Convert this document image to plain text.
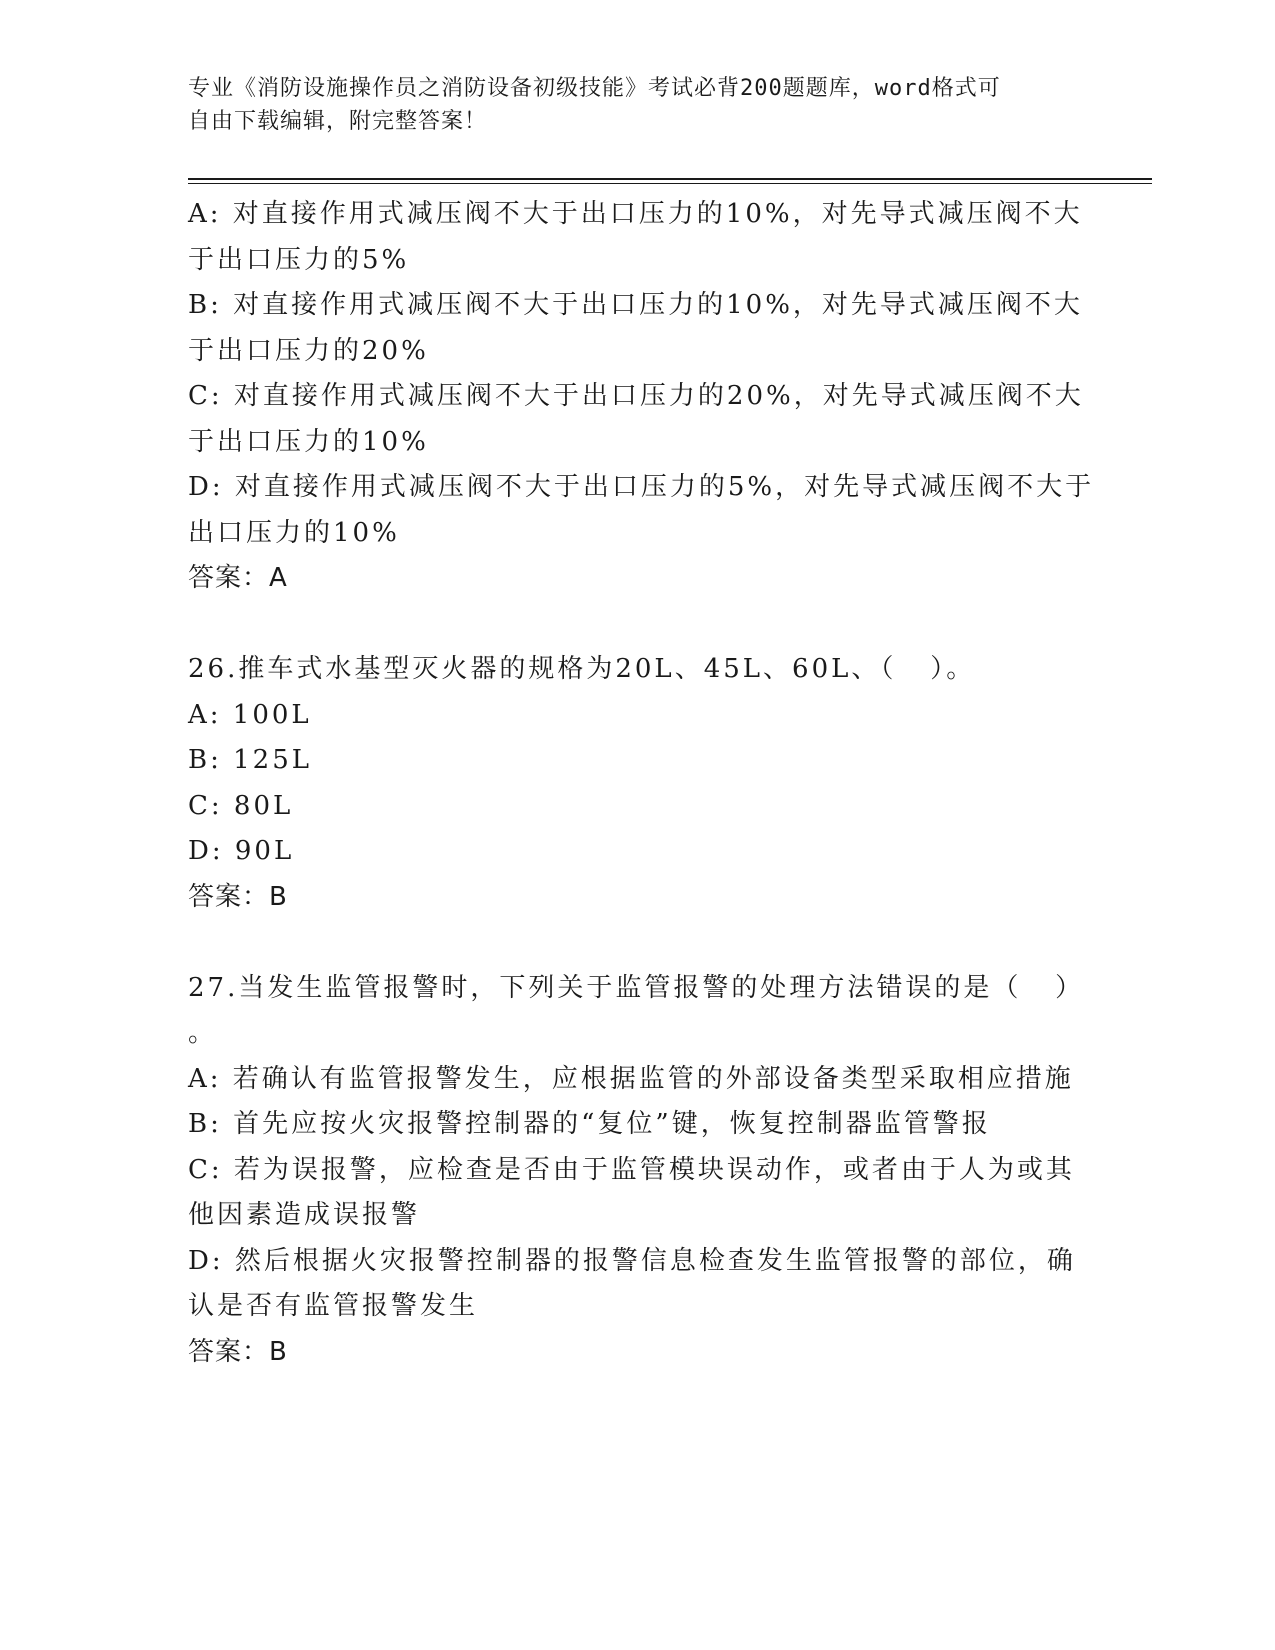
专业《消防设施操作员之消防设备初级技能》考试必背200题题库，word格式可
自由下载编辑，附完整答案！
A: 对直接作用式减压阀不大于出口压力的10%，对先导式减压阀不大
于出口压力的5%
B: 对直接作用式减压阀不大于出口压力的10%，对先导式减压阀不大
于出口压力的20%
C: 对直接作用式减压阀不大于出口压力的20%，对先导式减压阀不大
于出口压力的10%
D: 对直接作用式减压阀不大于出口压力的5%，对先导式减压阀不大于
出口压力的10%
答案：A
26.推车式水基型灭火器的规格为20L、45L、60L、（   ）。
A: 100L
B: 125L
C: 80L
D: 90L
答案：B
27.当发生监管报警时，下列关于监管报警的处理方法错误的是（   ）
。
A: 若确认有监管报警发生，应根据监管的外部设备类型采取相应措施
B: 首先应按火灾报警控制器的“复位”键，恢复控制器监管警报
C: 若为误报警，应检查是否由于监管模块误动作，或者由于人为或其
他因素造成误报警
D: 然后根据火灾报警控制器的报警信息检查发生监管报警的部位，确
认是否有监管报警发生
答案：B
